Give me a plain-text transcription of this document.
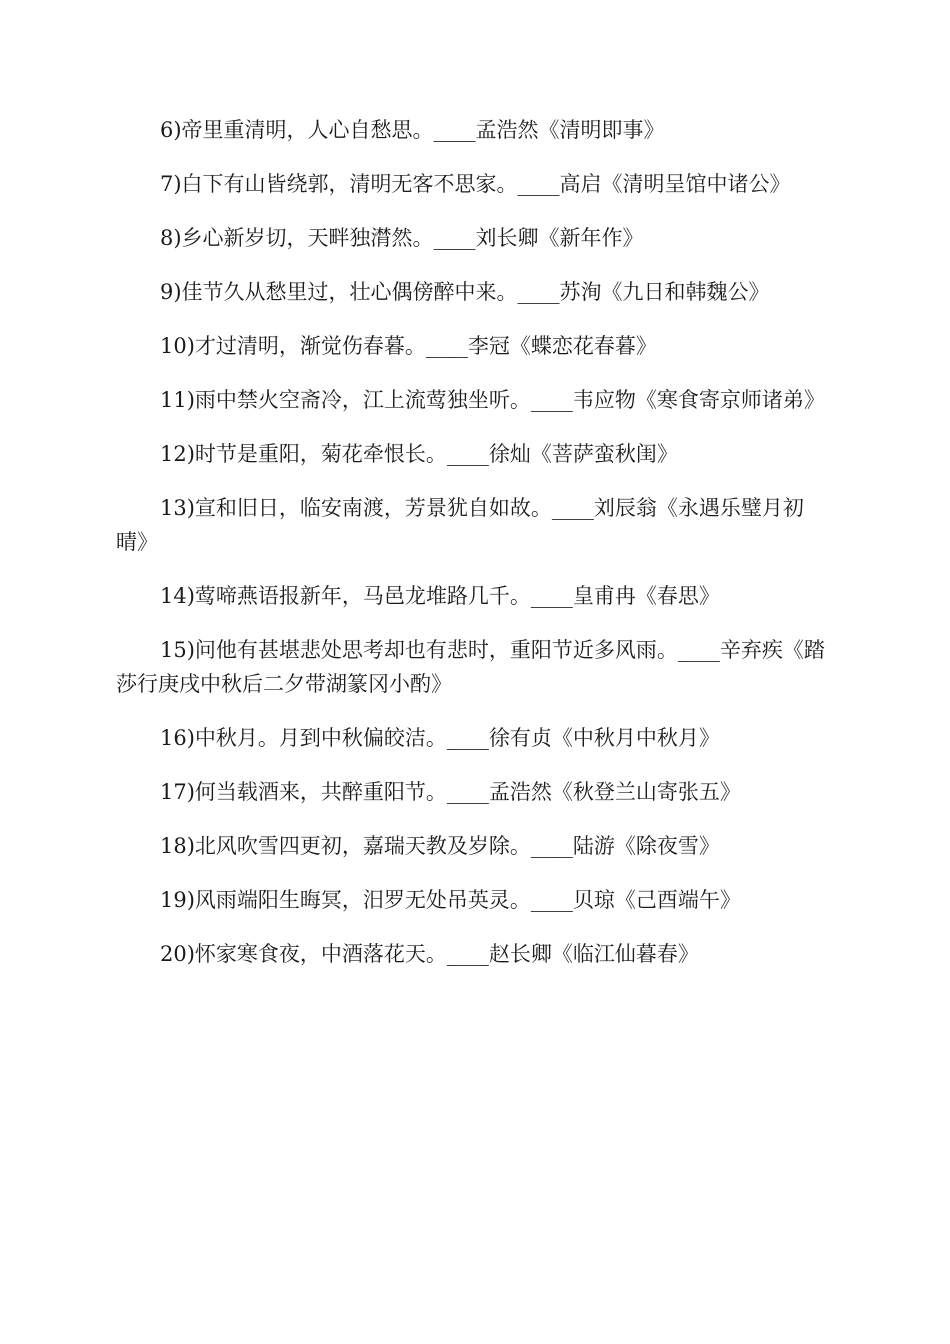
6)帝里重清明，人心自愁思。____孟浩然《清明即事》

7)白下有山皆绕郭，清明无客不思家。____高启《清明呈馆中诸公》

8)乡心新岁切，天畔独潸然。____刘长卿《新年作》

9)佳节久从愁里过，壮心偶傍醉中来。____苏洵《九日和韩魏公》

10)才过清明，渐觉伤春暮。____李冠《蝶恋花春暮》

11)雨中禁火空斋冷，江上流莺独坐听。____韦应物《寒食寄京师诸弟》

12)时节是重阳，菊花牵恨长。____徐灿《菩萨蛮秋闺》

13)宣和旧日，临安南渡，芳景犹自如故。____刘辰翁《永遇乐璧月初晴》

14)莺啼燕语报新年，马邑龙堆路几千。____皇甫冉《春思》

15)问他有甚堪悲处思考却也有悲时，重阳节近多风雨。____辛弃疾《踏莎行庚戌中秋后二夕带湖篆冈小酌》

16)中秋月。月到中秋偏皎洁。____徐有贞《中秋月中秋月》

17)何当载酒来，共醉重阳节。____孟浩然《秋登兰山寄张五》

18)北风吹雪四更初，嘉瑞天教及岁除。____陆游《除夜雪》

19)风雨端阳生晦冥，汨罗无处吊英灵。____贝琼《己酉端午》

20)怀家寒食夜，中酒落花天。____赵长卿《临江仙暮春》
